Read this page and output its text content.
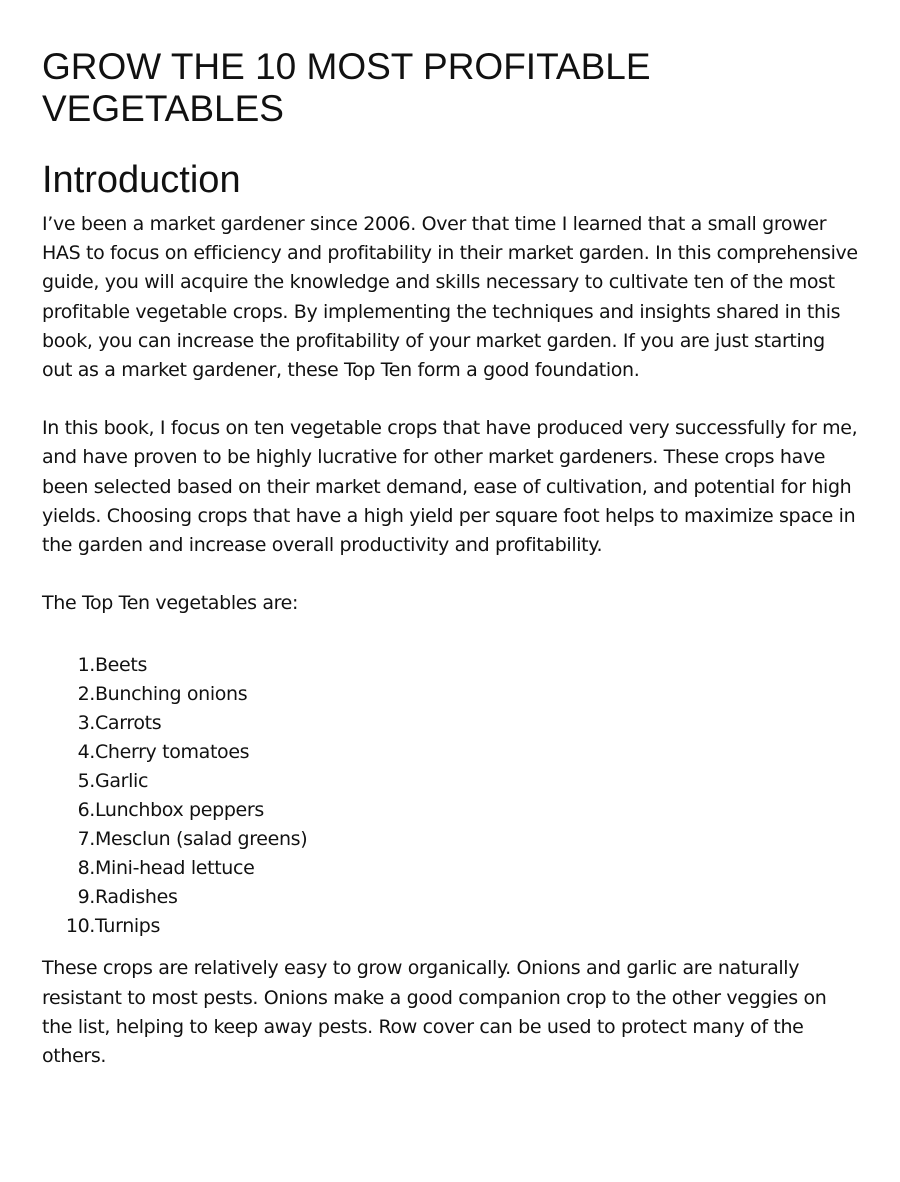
GROW THE 10 MOST PROFITABLE VEGETABLES
Introduction

I’ve been a market gardener since 2006. Over that time I learned that a small grower HAS to focus on efficiency and profitability in their market garden. In this comprehensive guide, you will acquire the knowledge and skills necessary to cultivate ten of the most profitable vegetable crops. By implementing the techniques and insights shared in this book, you can increase the profitability of your market garden. If you are just starting out as a market gardener, these Top Ten form a good foundation.

In this book, I focus on ten vegetable crops that have produced very successfully for me, and have proven to be highly lucrative for other market gardeners. These crops have been selected based on their market demand, ease of cultivation, and potential for high yields. Choosing crops that have a high yield per square foot helps to maximize space in the garden and increase overall productivity and profitability.

The Top Ten vegetables are:

1. Beets
2. Bunching onions
3. Carrots
4. Cherry tomatoes
5. Garlic
6. Lunchbox peppers
7. Mesclun (salad greens)
8. Mini-head lettuce
9. Radishes
10. Turnips

These crops are relatively easy to grow organically. Onions and garlic are naturally resistant to most pests. Onions make a good companion crop to the other veggies on the list, helping to keep away pests. Row cover can be used to protect many of the others.
